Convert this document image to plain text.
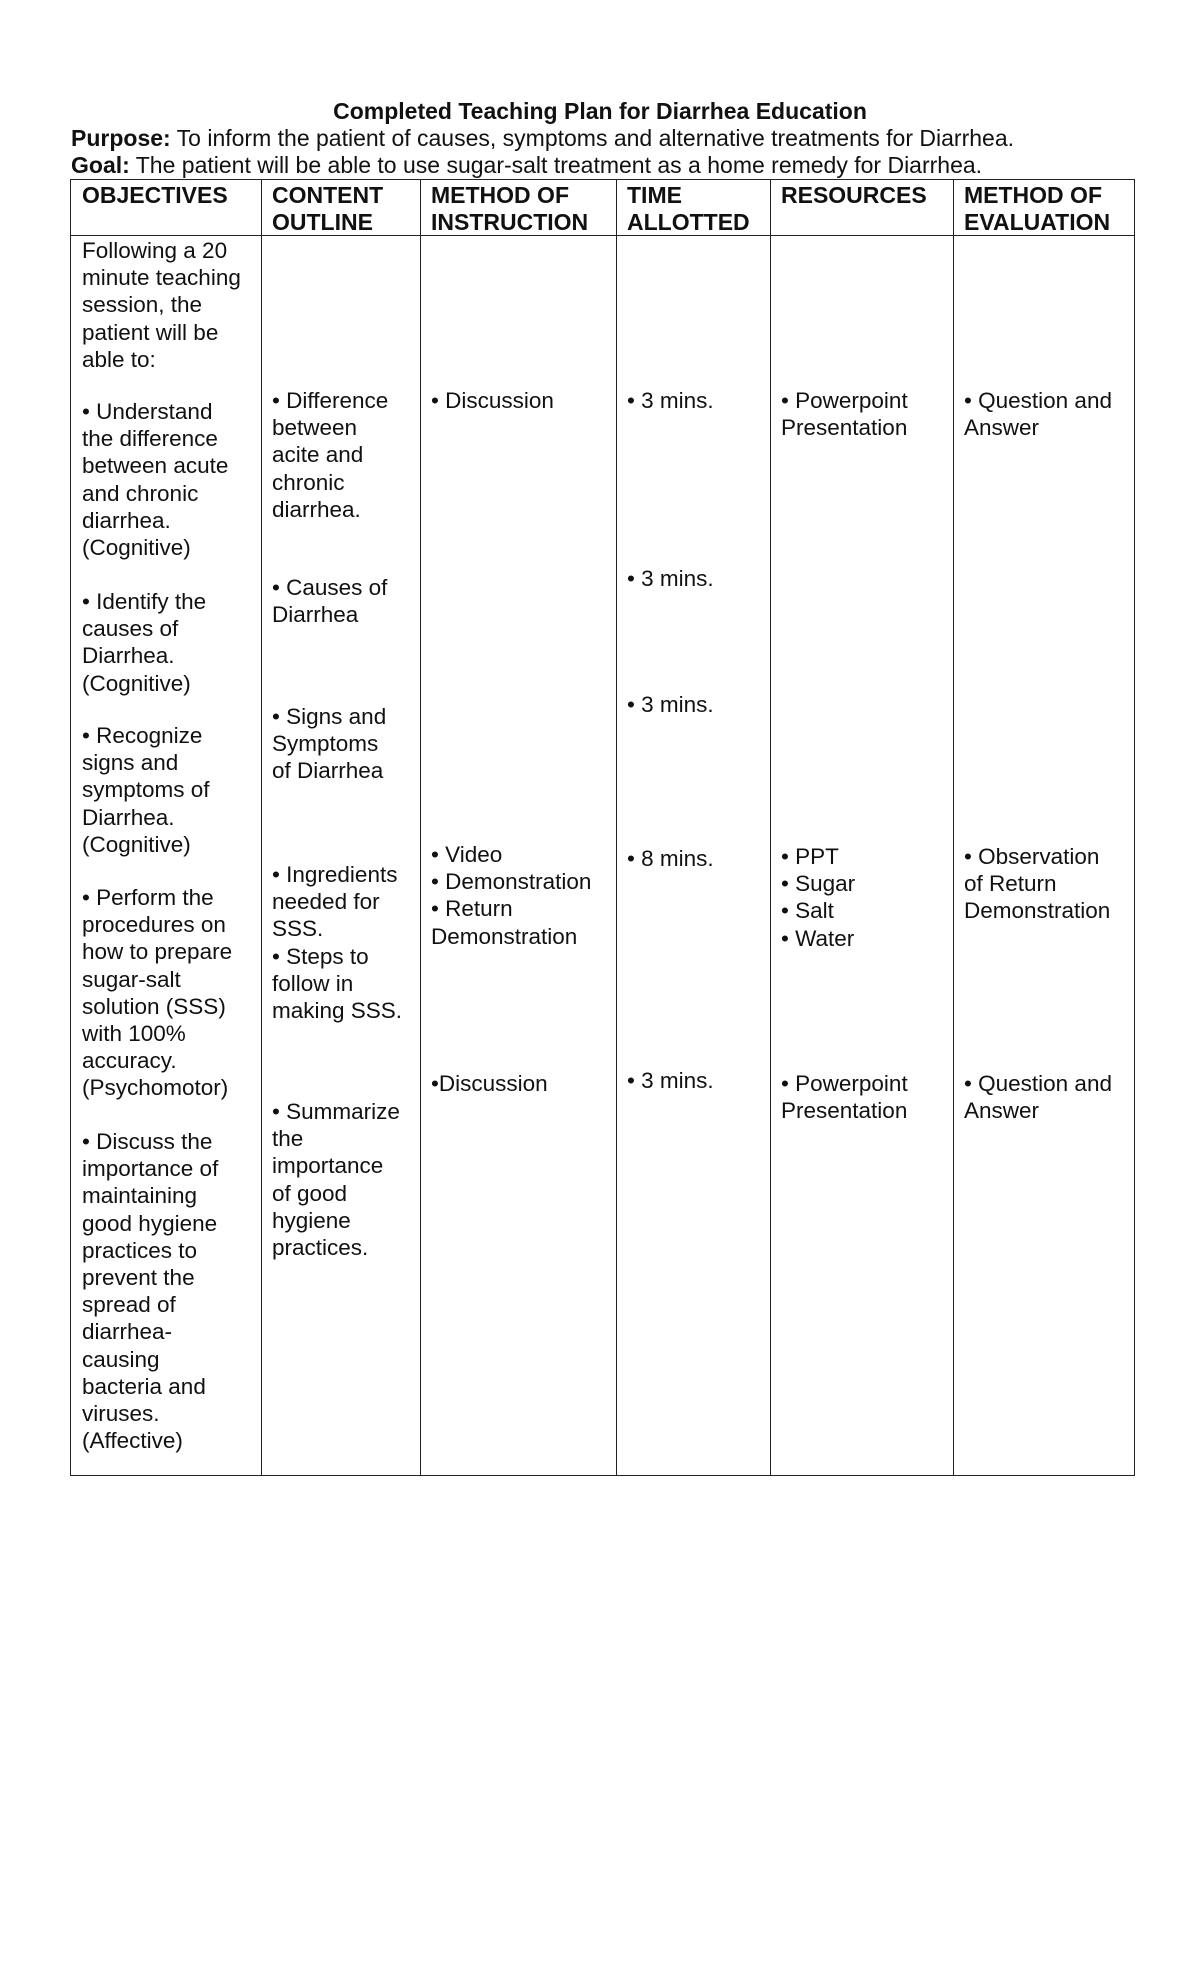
Completed Teaching Plan for Diarrhea Education
Purpose: To inform the patient of causes, symptoms and alternative treatments for Diarrhea.
Goal: The patient will be able to use sugar-salt treatment as a home remedy for Diarrhea.
OBJECTIVES CONTENT
OUTLINE
METHOD OF
INSTRUCTION
TIME
ALLOTTED
RESOURCES METHOD OF
EVALUATION
Following a 20
minute teaching
session, the
patient will be
able to:
• Understand
the difference
between acute
and chronic
diarrhea.
(Cognitive)
• Identify the
causes of
Diarrhea.
(Cognitive)
• Recognize
signs and
symptoms of
Diarrhea.
(Cognitive)
• Perform the
procedures on
how to prepare
sugar-salt
solution (SSS)
with 100%
accuracy.
(Psychomotor)
• Discuss the
importance of
maintaining
good hygiene
practices to
prevent the
spread of
diarrhea-
causing
bacteria and
viruses.
(Affective)
• Difference
between
acite and
chronic
diarrhea.
• Causes of
Diarrhea
• Signs and
Symptoms
of Diarrhea
• Ingredients
needed for
SSS.
• Steps to
follow in
making SSS.
• Summarize
the
importance
of good
hygiene
practices.
• Discussion
• Video
• Demonstration
• Return
Demonstration
•Discussion
• 3 mins.
• 3 mins.
• 3 mins.
• 8 mins.
• 3 mins.
• Powerpoint
Presentation
• PPT
• Sugar
• Salt
• Water
• Powerpoint
Presentation
• Question and
Answer
• Observation
of Return
Demonstration
• Question and
Answer
